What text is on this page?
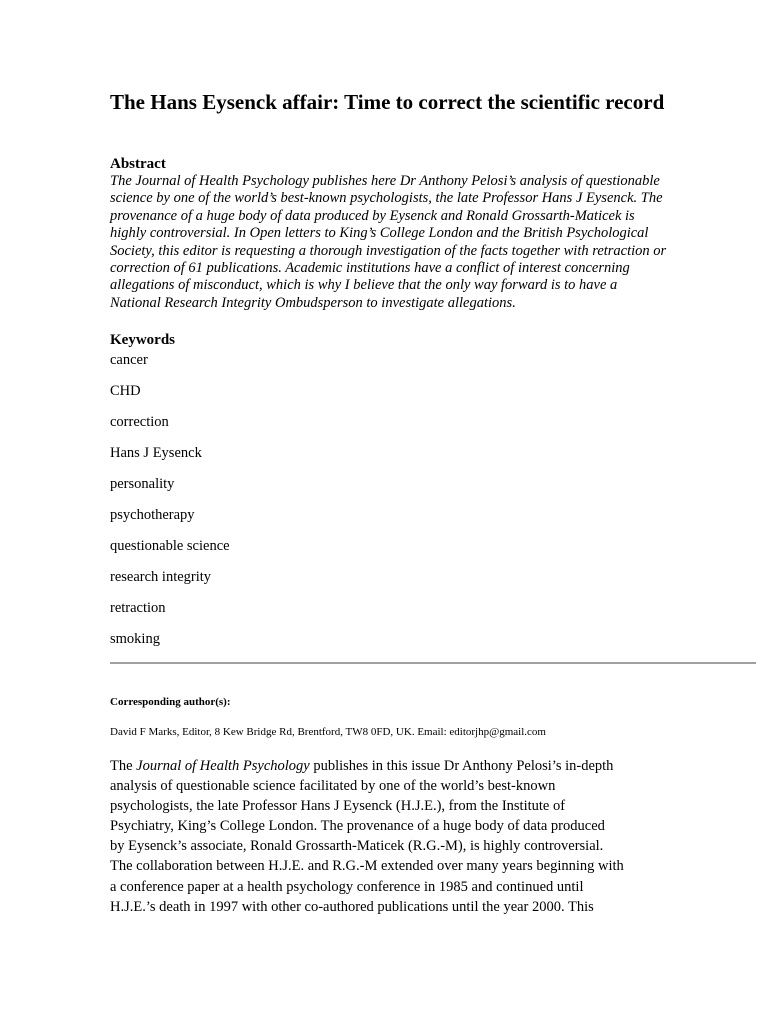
The Hans Eysenck affair: Time to correct the scientific record
Abstract

The Journal of Health Psychology publishes here Dr Anthony Pelosi’s analysis of questionable science by one of the world’s best-known psychologists, the late Professor Hans J Eysenck. The provenance of a huge body of data produced by Eysenck and Ronald Grossarth-Maticek is highly controversial. In Open letters to King’s College London and the British Psychological Society, this editor is requesting a thorough investigation of the facts together with retraction or correction of 61 publications. Academic institutions have a conflict of interest concerning allegations of misconduct, which is why I believe that the only way forward is to have a National Research Integrity Ombudsperson to investigate allegations.

Keywords
cancer
CHD
correction
Hans J Eysenck
personality
psychotherapy
questionable science
research integrity
retraction
smoking

Corresponding author(s):

David F Marks, Editor, 8 Kew Bridge Rd, Brentford, TW8 0FD, UK. Email: editorjhp@gmail.com

The Journal of Health Psychology publishes in this issue Dr Anthony Pelosi’s in-depth
analysis of questionable science facilitated by one of the world’s best-known
psychologists, the late Professor Hans J Eysenck (H.J.E.), from the Institute of
Psychiatry, King’s College London. The provenance of a huge body of data produced
by Eysenck’s associate, Ronald Grossarth-Maticek (R.G.-M), is highly controversial.
The collaboration between H.J.E. and R.G.-M extended over many years beginning with
a conference paper at a health psychology conference in 1985 and continued until
H.J.E.’s death in 1997 with other co-authored publications until the year 2000. This
